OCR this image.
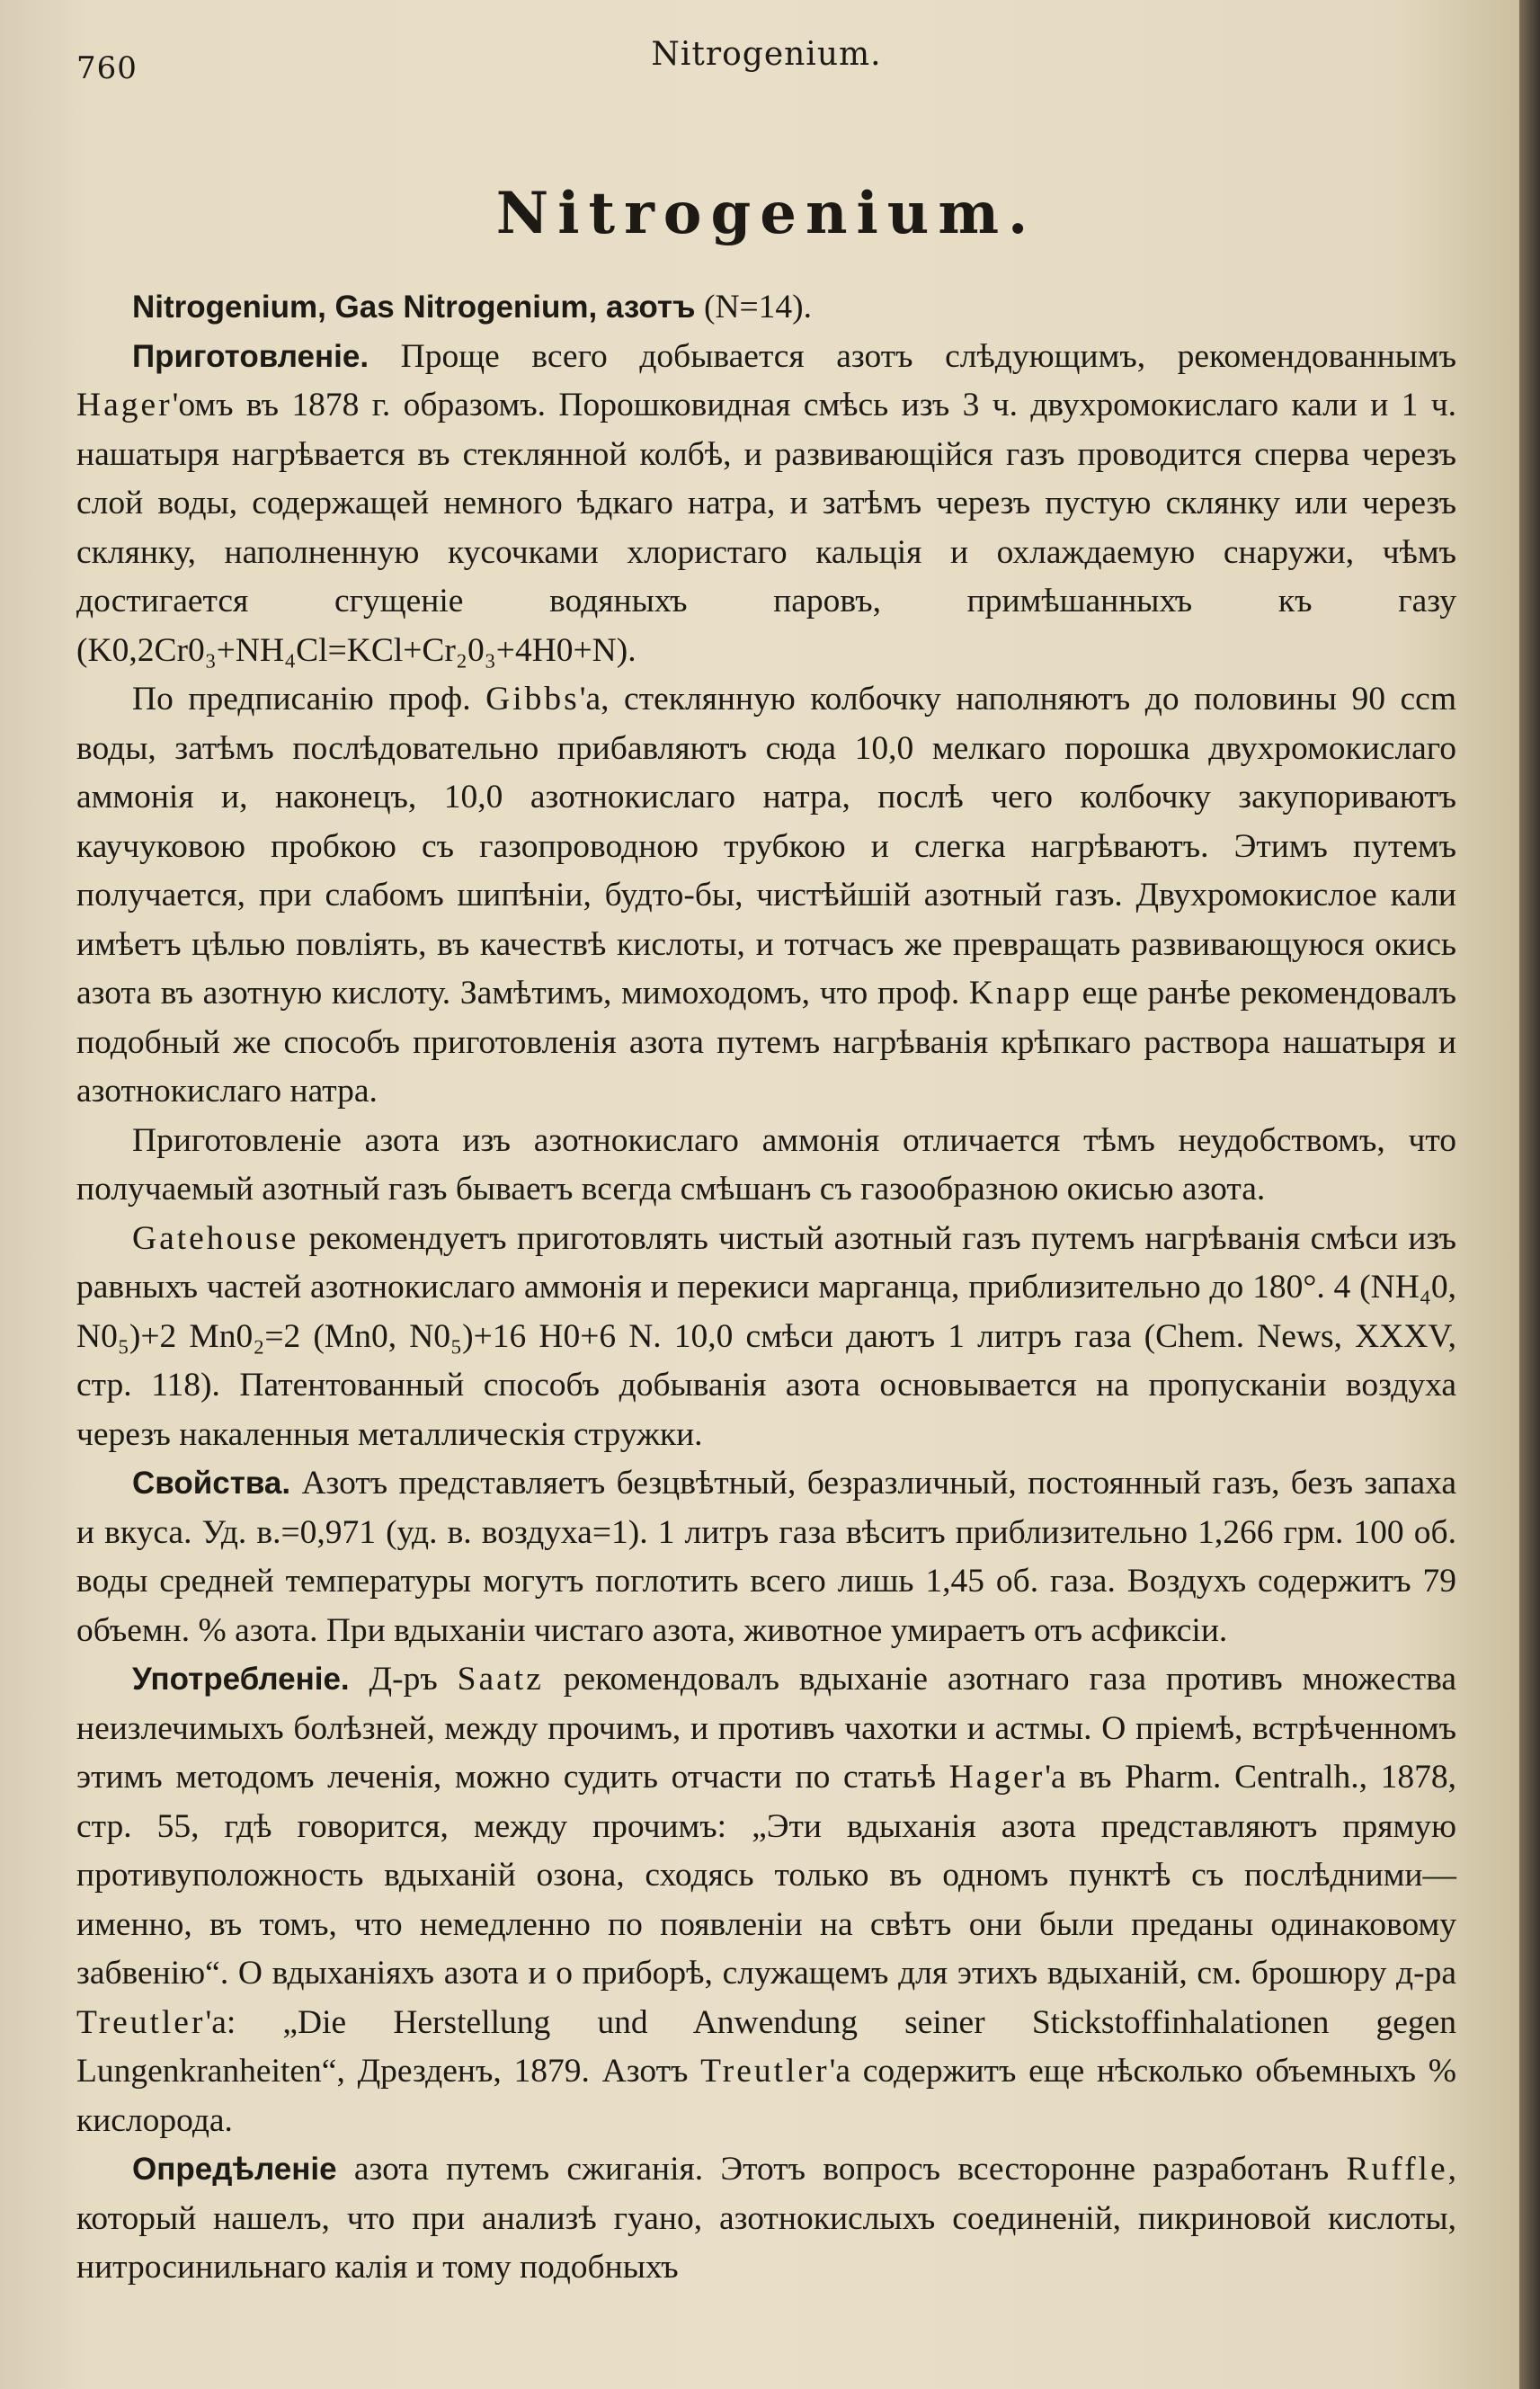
760	Nitrogenium.
Nitrogenium.

Nitrogenium, Gas Nitrogenium, азотъ (N=14).

Приготовленіе. Проще всего добывается азотъ слѣдующимъ, рекомендованнымъ Hager'омъ въ 1878 г. образомъ. Порошковидная смѣсь изъ 3 ч. двухромокислаго кали и 1 ч. нашатыря нагрѣвается въ стеклянной колбѣ, и развивающійся газъ проводится сперва черезъ слой воды, содержащей немного ѣдкаго натра, и затѣмъ черезъ пустую склянку или черезъ склянку, наполненную кусочками хлористаго кальція и охлаждаемую снаружи, чѣмъ достигается сгущеніе водяныхъ паровъ, примѣшанныхъ къ газу (K0,2Cr0₃+NH₄Cl=KCl+Cr₂0₃+4H0+N).

По предписанію проф. Gibbs'a, стеклянную колбочку наполняютъ до половины 90 ccm воды, затѣмъ послѣдовательно прибавляютъ сюда 10,0 мелкаго порошка двухромокислаго аммонія и, наконецъ, 10,0 азотнокислаго натра, послѣ чего колбочку закупориваютъ каучуковою пробкою съ газопроводною трубкою и слегка нагрѣваютъ. Этимъ путемъ получается, при слабомъ шипѣніи, будто-бы, чистѣйшій азотный газъ. Двухромокислое кали имѣетъ цѣлью повліять, въ качествѣ кислоты, и тотчасъ же превращать развивающуюся окись азота въ азотную кислоту. Замѣтимъ, мимоходомъ, что проф. Knapp еще ранѣе рекомендовалъ подобный же способъ приготовленія азота путемъ нагрѣванія крѣпкаго раствора нашатыря и азотнокислаго натра.

Приготовленіе азота изъ азотнокислаго аммонія отличается тѣмъ неудобствомъ, что получаемый азотный газъ бываетъ всегда смѣшанъ съ газообразною окисью азота.

Gatehouse рекомендуетъ приготовлять чистый азотный газъ путемъ нагрѣванія смѣси изъ равныхъ частей азотнокислаго аммонія и перекиси марганца, приблизительно до 180°. 4 (NH₄0, N0₅)+2 Mn0₂=2 (Mn0, N0₅)+16 H0+6 N. 10,0 смѣси даютъ 1 литръ газа (Chem. News, XXXV, стр. 118). Патентованный способъ добыванія азота основывается на пропусканіи воздуха черезъ накаленныя металлическія стружки.

Свойства. Азотъ представляетъ безцвѣтный, безразличный, постоянный газъ, безъ запаха и вкуса. Уд. в.=0,971 (уд. в. воздуха=1). 1 литръ газа вѣситъ приблизительно 1,266 грм. 100 об. воды средней температуры могутъ поглотить всего лишь 1,45 об. газа. Воздухъ содержитъ 79 объемн. % азота. При вдыханіи чистаго азота, животное умираетъ отъ асфиксіи.

Употребленіе. Д-ръ Saatz рекомендовалъ вдыханіе азотнаго газа противъ множества неизлечимыхъ болѣзней, между прочимъ, и противъ чахотки и астмы. О пріемѣ, встрѣченномъ этимъ методомъ леченія, можно судить отчасти по статьѣ Hager'a въ Pharm. Centralh., 1878, стр. 55, гдѣ говорится, между прочимъ: „Эти вдыханія азота представляютъ прямую противуположность вдыханій озона, сходясь только въ одномъ пунктѣ съ послѣдними—именно, въ томъ, что немедленно по появленіи на свѣтъ они были преданы одинаковому забвенію“. О вдыханіяхъ азота и о приборѣ, служащемъ для этихъ вдыханій, см. брошюру д-ра Treutler'a: „Die Herstellung und Anwendung seiner Stickstoffinhalationen gegen Lungenkranheiten“, Дрезденъ, 1879. Азотъ Treutler'a содержитъ еще нѣсколько объемныхъ % кислорода.

Опредѣленіе азота путемъ сжиганія. Этотъ вопросъ всесторонне разработанъ Ruffle, который нашелъ, что при анализѣ гуано, азотнокислыхъ соединеній, пикриновой кислоты, нитросинильнаго калія и тому подобныхъ
